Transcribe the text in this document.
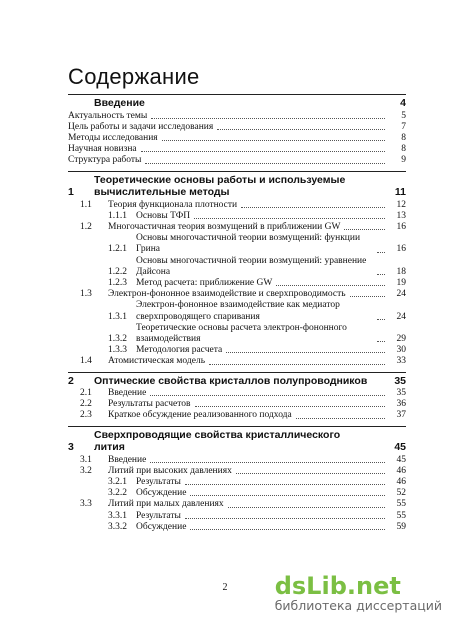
Содержание
Введение	4
Актуальность темы	5
Цель работы и задачи исследования	7
Методы исследования	8
Научная новизна	8
Структура работы	9
1
Теоретические основы работы и используемые вычислительные методы	11
1.1	Теория функционала плотности	12
1.1.1 Основы ТФП	13
1.2	Многочастичная теория возмущений в приближении GW	16
1.2.1
Основы многочастичной теории возмущений: функции Грина	16
1.2.2
Основы многочастичной теории возмущений: уравнение Дайсона	18
1.2.3 Метод расчета: приближение GW	19
1.3	Электрон-фононное взаимодействие и сверхпроводимость	24
1.3.1
Электрон-фононное взаимодействие как медиатор сверхпроводящего спаривания	24
1.3.2
Теоретические основы расчета электрон-фононного взаимодействия	29
1.3.3 Методология расчета	30
1.4	Атомистическая модель	33
2	Оптические свойства кристаллов полупроводников	35
2.1	Введение	35
2.2	Результаты расчетов	36
2.3	Краткое обсуждение реализованного подхода	37
3
Сверхпроводящие свойства кристаллического лития	45
3.1	Введение	45
3.2	Литий при высоких давлениях	46
3.2.1 Результаты	46
3.2.2 Обсуждение	52
3.3	Литий при малых давлениях	55
3.3.1 Результаты	55
3.3.2 Обсуждение	59
2	dsLib.net
библиотека диссертаций
